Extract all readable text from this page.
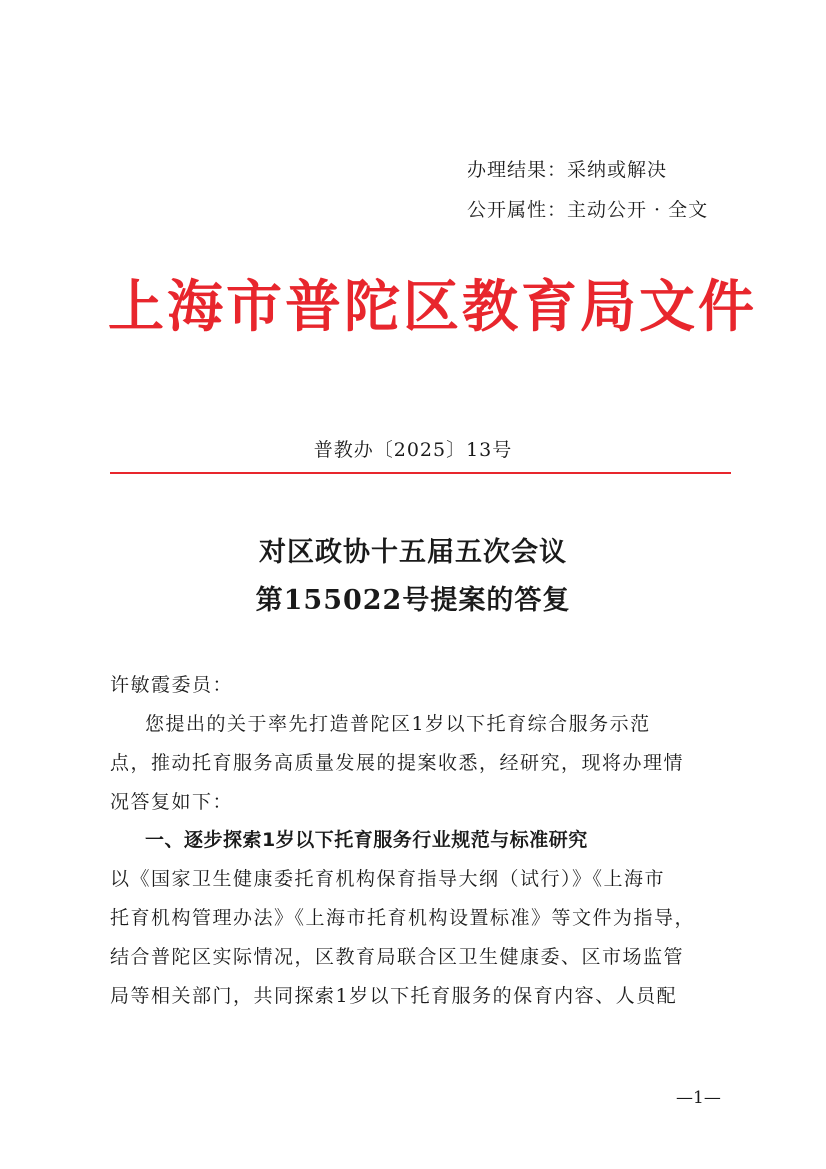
办理结果：采纳或解决
公开属性：主动公开 · 全文
上海市普陀区教育局文件
普教办〔2025〕13号
对区政协十五届五次会议
第155022号提案的答复
许敏霞委员：
您提出的关于率先打造普陀区1岁以下托育综合服务示范
点，推动托育服务高质量发展的提案收悉，经研究，现将办理情
况答复如下：
一、逐步探索1岁以下托育服务行业规范与标准研究
以《国家卫生健康委托育机构保育指导大纲（试行）》《上海市
托育机构管理办法》《上海市托育机构设置标准》等文件为指导，
结合普陀区实际情况，区教育局联合区卫生健康委、区市场监管
局等相关部门，共同探索1岁以下托育服务的保育内容、人员配
—1—
